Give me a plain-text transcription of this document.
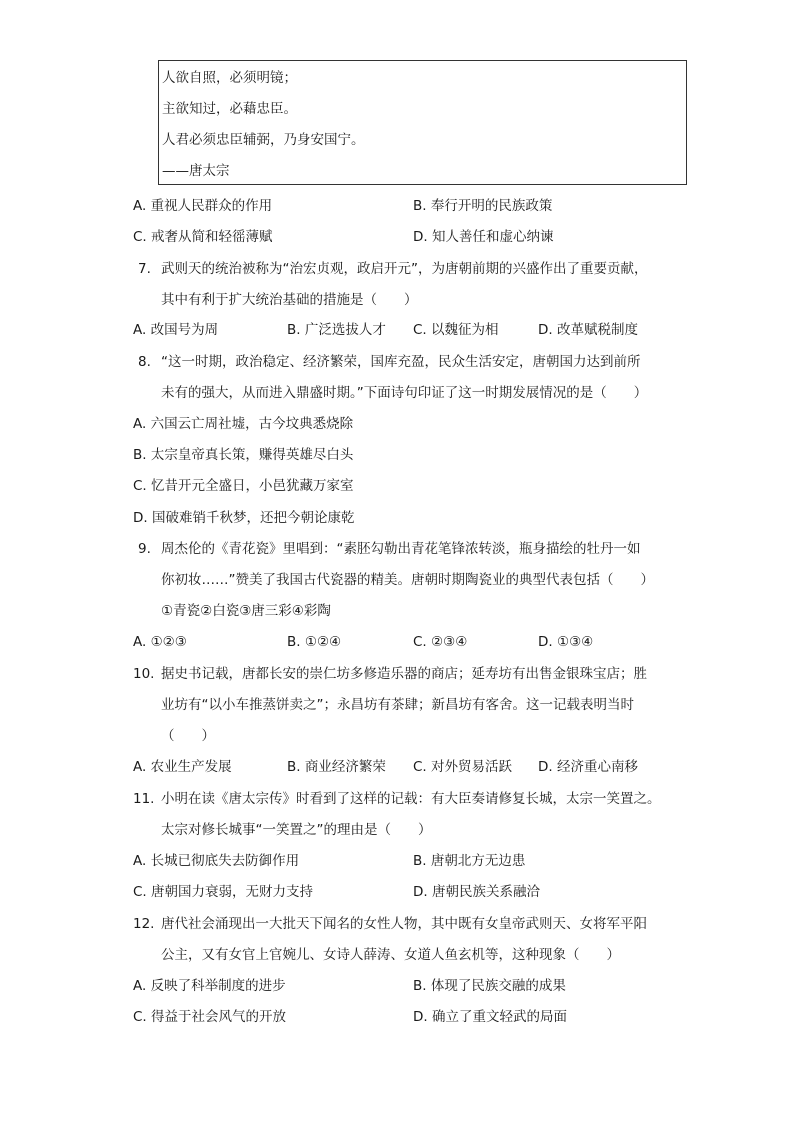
人欲自照，必须明镜；
主欲知过，必藉忠臣。
人君必须忠臣辅弼，乃身安国宁。
——唐太宗
A. 重视人民群众的作用	B. 奉行开明的民族政策
C. 戒奢从简和轻徭薄赋	D. 知人善任和虚心纳谏
7. 武则天的统治被称为“治宏贞观，政启开元”，为唐朝前期的兴盛作出了重要贡献，
其中有利于扩大统治基础的措施是（　　）
A. 改国号为周	B. 广泛选拔人才 C. 以魏征为相	D. 改革赋税制度
8. “这一时期，政治稳定、经济繁荣，国库充盈，民众生活安定，唐朝国力达到前所
未有的强大，从而进入鼎盛时期。”下面诗句印证了这一时期发展情况的是（　　）
A. 六国云亡周社墟，古今坟典悉烧除
B. 太宗皇帝真长策，赚得英雄尽白头
C. 忆昔开元全盛日，小邑犹藏万家室
D. 国破难销千秋梦，还把今朝论康乾
9. 周杰伦的《青花瓷》里唱到：“素胚勾勒出青花笔锋浓转淡，瓶身描绘的牡丹一如
你初妆……”赞美了我国古代瓷器的精美。唐朝时期陶瓷业的典型代表包括（　　）
①青瓷②白瓷③唐三彩④彩陶
A. ①②③	B. ①②④	C. ②③④	D. ①③④
10. 据史书记载，唐都长安的崇仁坊多修造乐器的商店；延寿坊有出售金银珠宝店；胜
业坊有“以小车推蒸饼卖之”；永昌坊有茶肆；新昌坊有客舍。这一记载表明当时
（　　）
A. 农业生产发展	B. 商业经济繁荣 C. 对外贸易活跃 D. 经济重心南移
11. 小明在读《唐太宗传》时看到了这样的记载：有大臣奏请修复长城，太宗一笑置之。
太宗对修长城事“一笑置之”的理由是（　　）
A. 长城已彻底失去防御作用	B. 唐朝北方无边患
C. 唐朝国力衰弱，无财力支持	D. 唐朝民族关系融洽
12. 唐代社会涌现出一大批天下闻名的女性人物，其中既有女皇帝武则天、女将军平阳
公主，又有女官上官婉儿、女诗人薛涛、女道人鱼玄机等，这种现象（　　）
A. 反映了科举制度的进步	B. 体现了民族交融的成果
C. 得益于社会风气的开放	D. 确立了重文轻武的局面
